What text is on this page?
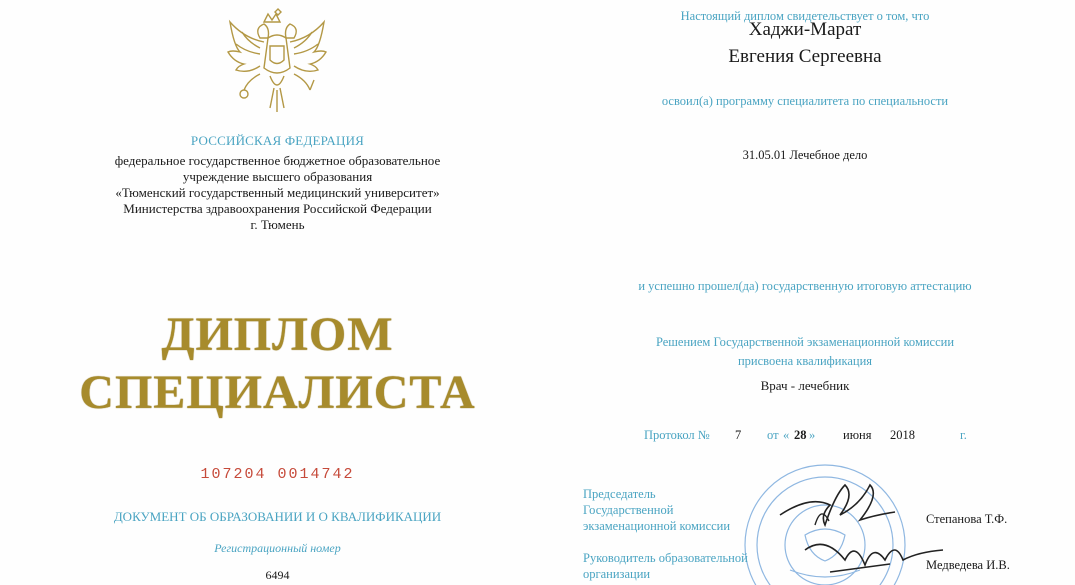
РОССИЙСКАЯ ФЕДЕРАЦИЯ
федеральное государственное бюджетное образовательное
учреждение высшего образования
«Тюменский государственный медицинский университет»
Министерства здравоохранения Российской Федерации
г. Тюмень
ДИПЛОМ
СПЕЦИАЛИСТА
107204 0014742
ДОКУМЕНТ ОБ ОБРАЗОВАНИИ И О КВАЛИФИКАЦИИ
Регистрационный номер
6494
Настоящий диплом свидетельствует о том, что
Хаджи-Марат
Евгения Сергеевна
освоил(а) программу специалитета по специальности
31.05.01 Лечебное дело
и успешно прошел(да) государственную итоговую аттестацию
Решением Государственной экзаменационной комиссии
присвоена квалификация
Врач - лечебник
Протокол № 7 от « 28 » июня 2018	г.
Председатель
Государственной
экзаменационной комиссии	Степанова Т.Ф.
Руководитель образовательной
организации
Медведева И.В.
